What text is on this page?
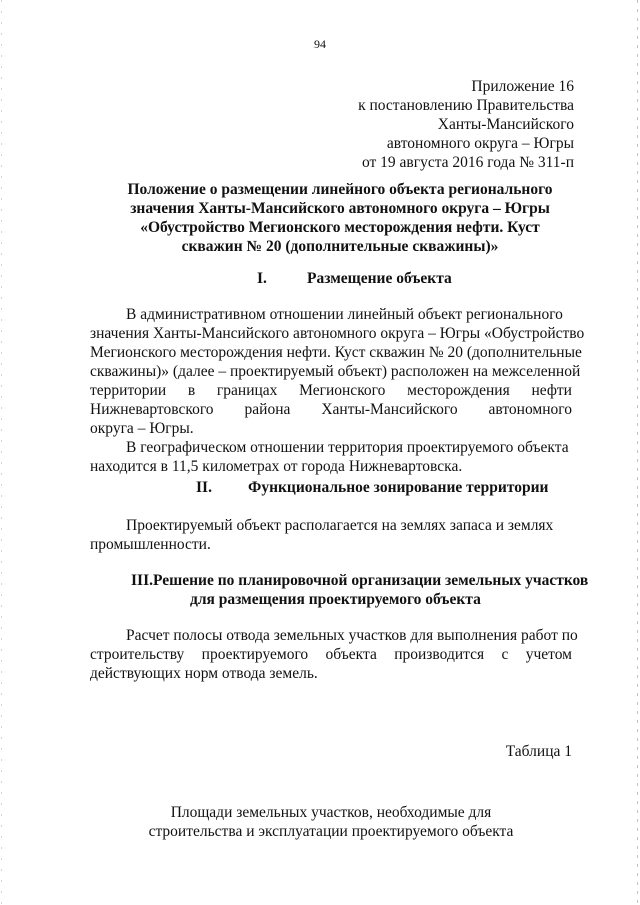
94
Приложение 16
к постановлению Правительства
Ханты-Мансийского
автономного округа – Югры
от 19 августа 2016 года № 311-п
Положение о размещении линейного объекта регионального
значения Ханты-Мансийского автономного округа – Югры
«Обустройство Мегионского месторождения нефти. Куст
скважин № 20 (дополнительные скважины)»
I.	Размещение объекта
В административном отношении линейный объект регионального
значения Ханты-Мансийского автономного округа – Югры «Обустройство
Мегионского месторождения нефти. Куст скважин № 20 (дополнительные
скважины)» (далее – проектируемый объект) расположен на межселенной
территории в границах Мегионского месторождения нефти
Нижневартовского района Ханты-Мансийского автономного
округа – Югры.
В географическом отношении территория проектируемого объекта
находится в 11,5 километрах от города Нижневартовска.
II. Функциональное зонирование территории
Проектируемый объект располагается на землях запаса и землях
промышленности.
III.Решение по планировочной организации земельных участков
для размещения проектируемого объекта
Расчет полосы отвода земельных участков для выполнения работ по
строительству проектируемого объекта производится с учетом
действующих норм отвода земель.
Таблица 1
Площади земельных участков, необходимые для
строительства и эксплуатации проектируемого объекта
